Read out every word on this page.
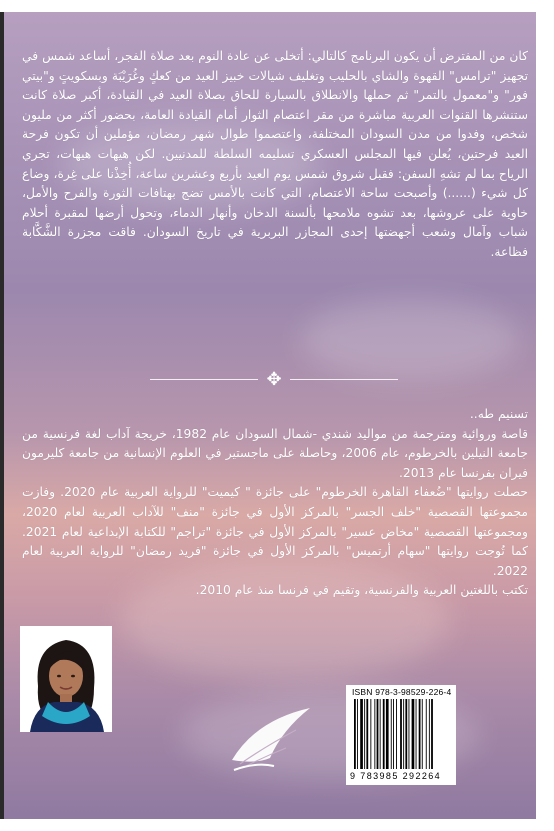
كان من المفترض أن يكون البرنامج كالتالي: أتخلى عن عادة النوم بعد صلاة الفجر، أساعد شمس في تجهيز "ترامس" القهوة والشاي بالحليب وتغليف شيالات خبيز العيد من كعكٍ وغُرَيْبَة وبسكويتٍ و"بيتي فور" و"معمول بالتمر" ثم حملها والانطلاق بالسيارة للحاق بصلاة العيد في القيادة، أكبر صلاة كانت ستنشرها القنوات العربية مباشرة من مقر اعتصام الثوار أمام القيادة العامة، بحضور أكثر من مليون شخص، وفدوا من مدن السودان المختلفة، واعتصموا طوال شهر رمضان، مؤملين أن تكون فرحة العيد فرحتين، يُعلن فيها المجلس العسكري تسليمه السلطة للمدنيين. لكن هيهات هيهات، تجري الرياح بما لم تشهِ السفن: فقبل شروق شمس يوم العيد بأربع وعشرين ساعة، أُخِذْنا على غِرة، وضاع كل شيء (......) وأصبحت ساحة الاعتصام، التي كانت بالأمس تضج بهتافات الثورة والفرح والأمل، خاوية على عروشها، بعد تشوه ملامحها بألسنة الدخان وأنهار الدماء، وتحول أرضها لمقبرة أحلام شباب وآمال وشعب أجهضتها إحدى المجازر البربرية في تاريخ السودان. فاقت مجزرة الشَّكَّابة فظاعة.

✥

تسنيم طه..

قاصة وروائية ومترجمة من مواليد شندي -شمال السودان عام 1982، خريجة آداب لغة فرنسية من جامعة النيلين بالخرطوم، عام 2006، وحاصلة على ماجستير في العلوم الإنسانية من جامعة كليرمون فيران بفرنسا عام 2013.

حصلت روايتها "ضُعفاء القاهرة الخرطوم" على جائزة " كيميت" للرواية العربية عام 2020. وفازت مجموعتها القصصية "خلف الجسر" بالمركز الأول في جائزة "منف" للآداب العربية لعام 2020، ومجموعتها القصصية "مخاض عسير" بالمركز الأول في جائزة "تراجم" للكتابة الإبداعية لعام 2021. كما تُوجت روايتها "سهام أرتميس" بالمركز الأول في جائزة "فريد رمضان" للرواية العربية لعام 2022.

تكتب باللغتين العربية والفرنسية، وتقيم في فرنسا منذ عام 2010.

ISBN 978-3-98529-226-4
9 783985 292264
